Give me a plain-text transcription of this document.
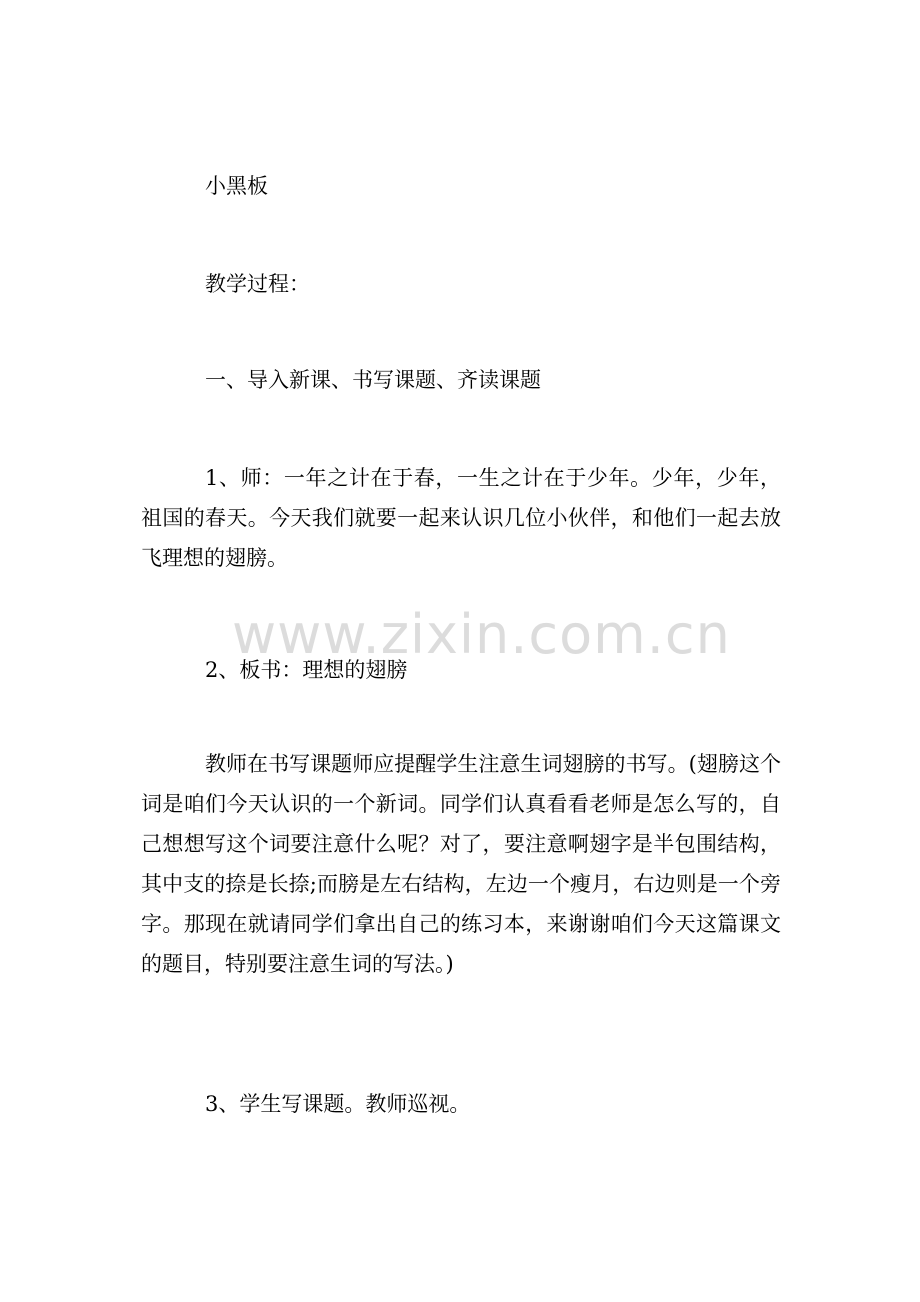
小黑板

教学过程：

一、导入新课、书写课题、齐读课题

1、师：一年之计在于春，一生之计在于少年。少年，少年，祖国的春天。今天我们就要一起来认识几位小伙伴，和他们一起去放飞理想的翅膀。

2、板书：理想的翅膀

教师在书写课题师应提醒学生注意生词翅膀的书写。(翅膀这个词是咱们今天认识的一个新词。同学们认真看看老师是怎么写的，自己想想写这个词要注意什么呢？对了，要注意啊翅字是半包围结构，其中支的捺是长捺;而膀是左右结构，左边一个瘦月，右边则是一个旁字。那现在就请同学们拿出自己的练习本，来谢谢咱们今天这篇课文的题目，特别要注意生词的写法。)

3、学生写课题。教师巡视。

www.zixin.com.cn
